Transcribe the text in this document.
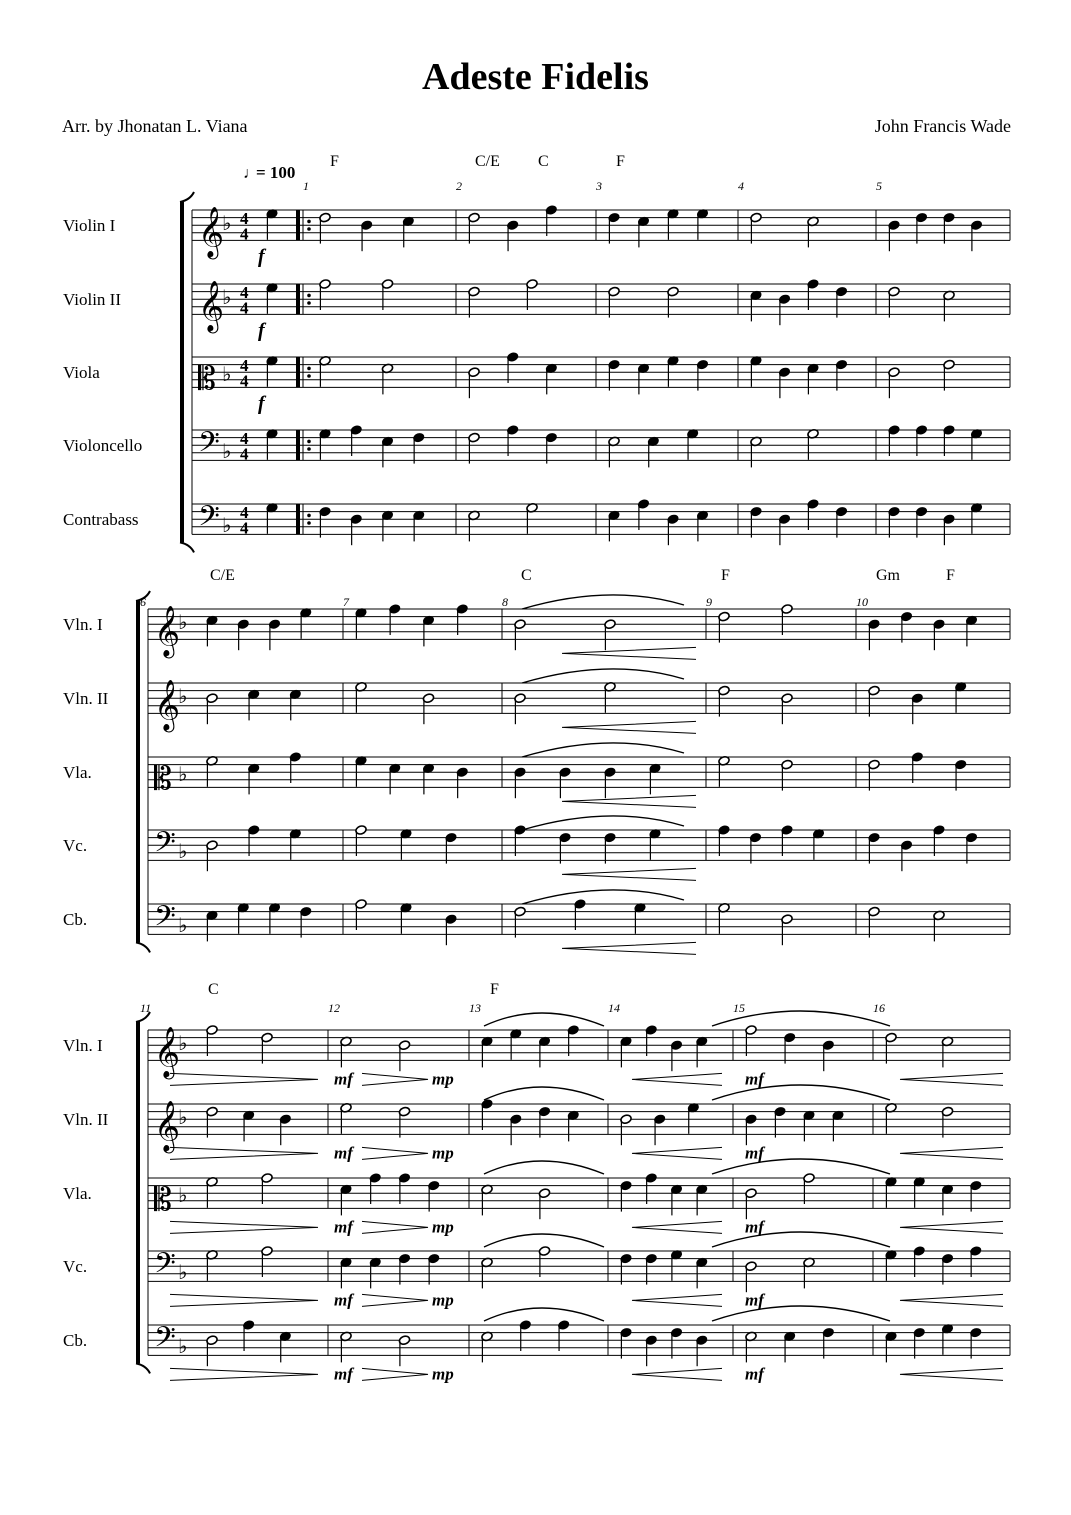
Adeste Fidelis
Arr. by Jhonatan L. Viana	John Francis Wade
F	C/E C	F
1	2	3	4	5
♩
= 100
Violin I 𝄞
♭ 4
4
Violin II 𝄞
♭ 4
4
Viola	𝄡 ♭ 4
4
Violoncello 𝄢 ♭
4
4
Contrabass 𝄢 ♭
4
4
f
f
f
C/E	C	F	Gm	F
6	7	8	9	10
Vln. I 𝄞
♭
Vln. II 𝄞
♭
Vla. 𝄡 ♭
Vc. 𝄢 ♭
Cb. 𝄢 ♭
C	F
11	12	13	14	15	16
Vln. I 𝄞
♭
Vln. II 𝄞
♭
Vla. 𝄡 ♭
Vc. 𝄢 ♭
Cb. 𝄢 ♭
mf	mp	mf
mf	mp	mf
mf	mp	mf
mf	mp	mf
mf	mp	mf
